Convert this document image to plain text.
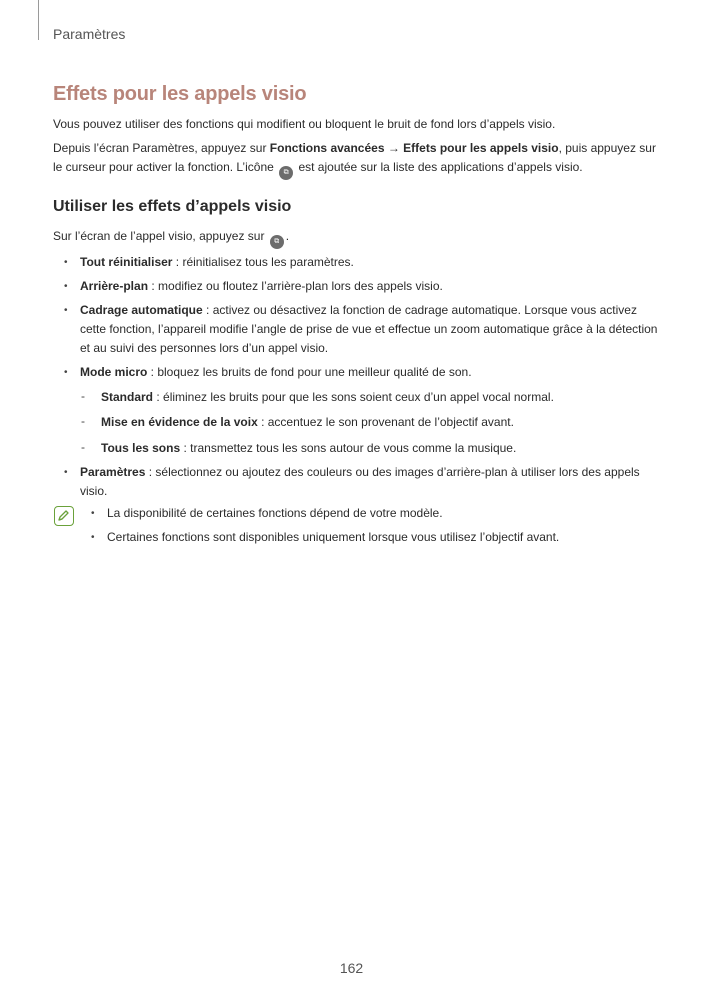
Paramètres
Effets pour les appels visio
Vous pouvez utiliser des fonctions qui modifient ou bloquent le bruit de fond lors d’appels visio.
Depuis l’écran Paramètres, appuyez sur Fonctions avancées → Effets pour les appels visio, puis appuyez sur
le curseur pour activer la fonction. L’icône ⧉ est ajoutée sur la liste des applications d’appels visio.
Utiliser les effets d’appels visio
Sur l’écran de l’appel visio, appuyez sur ⧉ .
• Tout réinitialiser : réinitialisez tous les paramètres.
• Arrière-plan : modifiez ou floutez l’arrière-plan lors des appels visio.
• Cadrage automatique : activez ou désactivez la fonction de cadrage automatique. Lorsque vous activez cette fonction, l’appareil modifie l’angle de prise de vue et effectue un zoom automatique grâce à la détection et au suivi des personnes lors d’un appel visio.
• Mode micro : bloquez les bruits de fond pour une meilleur qualité de son.
- Standard : éliminez les bruits pour que les sons soient ceux d’un appel vocal normal.
- Mise en évidence de la voix : accentuez le son provenant de l’objectif avant.
- Tous les sons : transmettez tous les sons autour de vous comme la musique.
• Paramètres : sélectionnez ou ajoutez des couleurs ou des images d’arrière-plan à utiliser lors des appels visio.
• La disponibilité de certaines fonctions dépend de votre modèle.
• Certaines fonctions sont disponibles uniquement lorsque vous utilisez l’objectif avant.
162
